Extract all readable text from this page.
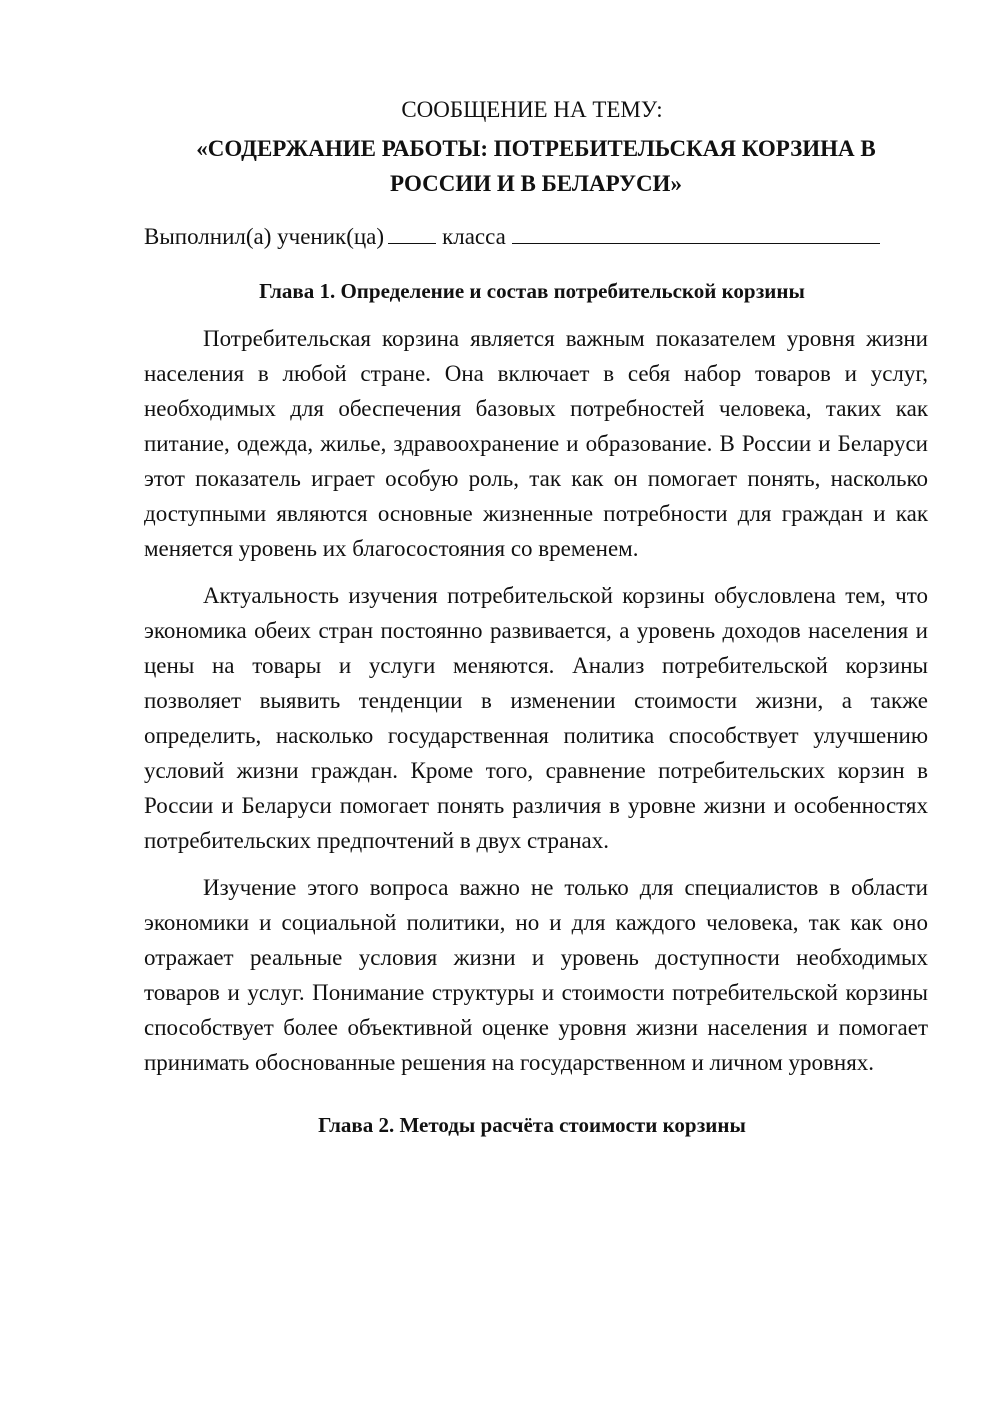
СООБЩЕНИЕ НА ТЕМУ:

«СОДЕРЖАНИЕ РАБОТЫ: ПОТРЕБИТЕЛЬСКАЯ КОРЗИНА В РОССИИ И В БЕЛАРУСИ»

Выполнил(а) ученик(ца)	класса

Глава 1. Определение и состав потребительской корзины

Потребительская корзина является важным показателем уровня жизни населения в любой стране. Она включает в себя набор товаров и услуг, необходимых для обеспечения базовых потребностей человека, таких как питание, одежда, жилье, здравоохранение и образование. В России и Беларуси этот показатель играет особую роль, так как он помогает понять, насколько доступными являются основные жизненные потребности для граждан и как меняется уровень их благосостояния со временем.

Актуальность изучения потребительской корзины обусловлена тем, что экономика обеих стран постоянно развивается, а уровень доходов населения и цены на товары и услуги меняются. Анализ потребительской корзины позволяет выявить тенденции в изменении стоимости жизни, а также определить, насколько государственная политика способствует улучшению условий жизни граждан. Кроме того, сравнение потребительских корзин в России и Беларуси помогает понять различия в уровне жизни и особенностях потребительских предпочтений в двух странах.

Изучение этого вопроса важно не только для специалистов в области экономики и социальной политики, но и для каждого человека, так как оно отражает реальные условия жизни и уровень доступности необходимых товаров и услуг. Понимание структуры и стоимости потребительской корзины способствует более объективной оценке уровня жизни населения и помогает принимать обоснованные решения на государственном и личном уровнях.

Глава 2. Методы расчёта стоимости корзины
